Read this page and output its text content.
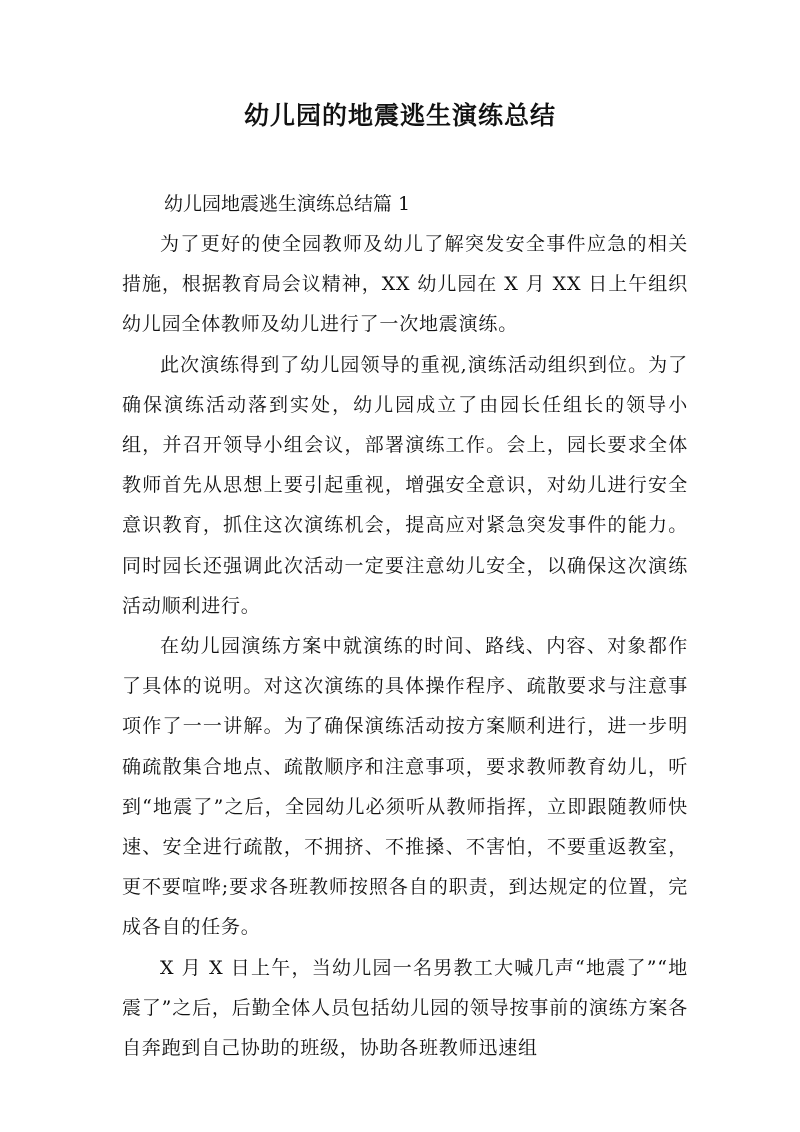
幼儿园的地震逃生演练总结

幼儿园地震逃生演练总结篇 1

为了更好的使全园教师及幼儿了解突发安全事件应急的相关措施，根据教育局会议精神，XX 幼儿园在 X 月 XX 日上午组织幼儿园全体教师及幼儿进行了一次地震演练。

此次演练得到了幼儿园领导的重视,演练活动组织到位。为了确保演练活动落到实处，幼儿园成立了由园长任组长的领导小组，并召开领导小组会议，部署演练工作。会上，园长要求全体教师首先从思想上要引起重视，增强安全意识，对幼儿进行安全意识教育，抓住这次演练机会，提高应对紧急突发事件的能力。同时园长还强调此次活动一定要注意幼儿安全，以确保这次演练活动顺利进行。

在幼儿园演练方案中就演练的时间、路线、内容、对象都作了具体的说明。对这次演练的具体操作程序、疏散要求与注意事项作了一一讲解。为了确保演练活动按方案顺利进行，进一步明确疏散集合地点、疏散顺序和注意事项，要求教师教育幼儿，听到“地震了”之后，全园幼儿必须听从教师指挥，立即跟随教师快速、安全进行疏散，不拥挤、不推搡、不害怕，不要重返教室，更不要喧哗;要求各班教师按照各自的职责，到达规定的位置，完成各自的任务。

X 月 X 日上午，当幼儿园一名男教工大喊几声“地震了”“地震了”之后，后勤全体人员包括幼儿园的领导按事前的演练方案各自奔跑到自己协助的班级，协助各班教师迅速组
